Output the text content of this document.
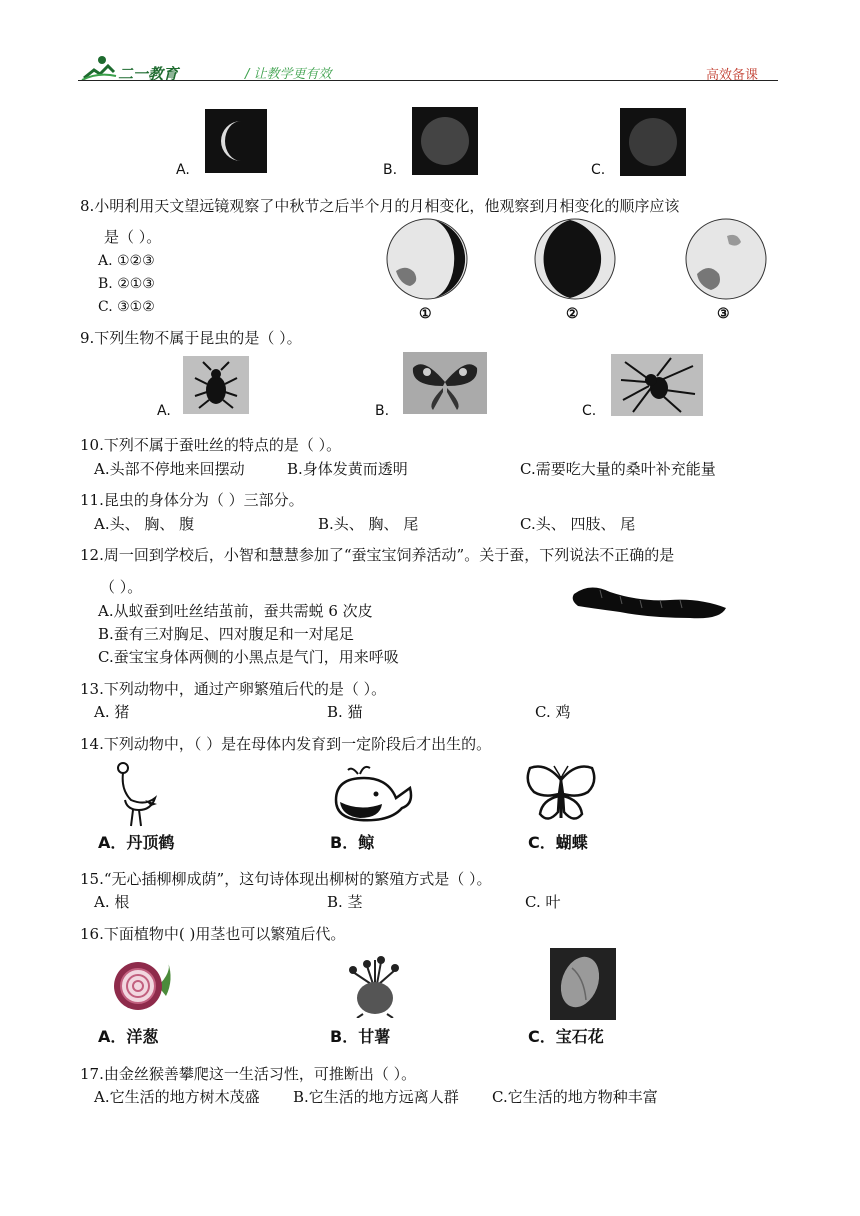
二一教育	/ 让教学更有效	高效备课
A.	B.	C.
8.小明利用天文望远镜观察了中秋节之后半个月的月相变化，他观察到月相变化的顺序应该
是（ ）。
A. ①②③
B. ②①③
C. ③①②	①	②	③
9.下列生物不属于昆虫的是（ ）。
A.	B.	C.
10.下列不属于蚕吐丝的特点的是（ ）。
A.头部不停地来回摆动	B.身体发黄而透明	C.需要吃大量的桑叶补充能量
11.昆虫的身体分为（ ）三部分。
A.头、 胸、 腹	B.头、 胸、 尾	C.头、 四肢、 尾
12.周一回到学校后，小智和慧慧参加了“蚕宝宝饲养活动”。关于蚕，下列说法不正确的是
（ ）。
A.从蚁蚕到吐丝结茧前，蚕共需蜕 6 次皮
B.蚕有三对胸足、四对腹足和一对尾足
C.蚕宝宝身体两侧的小黑点是气门，用来呼吸
13.下列动物中，通过产卵繁殖后代的是（ ）。
A. 猪	B. 猫	C. 鸡
14.下列动物中，（ ）是在母体内发育到一定阶段后才出生的。
A．丹顶鹤	B．鲸	C．蝴蝶
15.“无心插柳柳成荫”，这句诗体现出柳树的繁殖方式是（ ）。
A. 根	B. 茎	C. 叶
16.下面植物中( )用茎也可以繁殖后代。
A．洋葱	B．甘薯	C．宝石花
17.由金丝猴善攀爬这一生活习性，可推断出（ ）。
A.它生活的地方树木茂盛 B.它生活的地方远离人群 C.它生活的地方物种丰富
